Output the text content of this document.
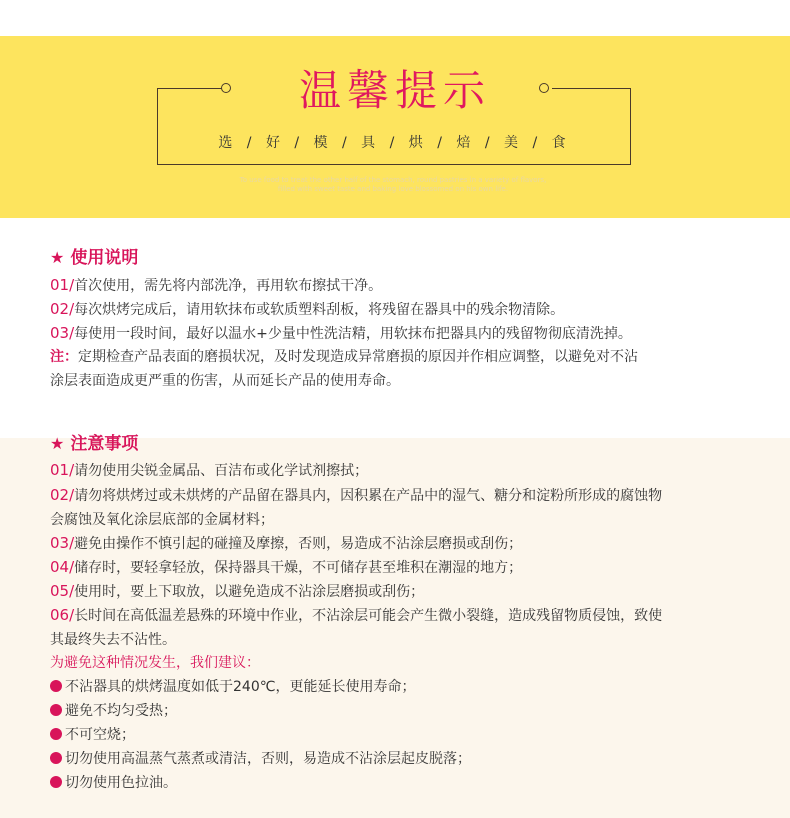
温馨提示
选 / 好 / 模 / 具 / 烘 / 焙 / 美 / 食
To use food to treat the other half of the stomach, round pastries in a variety of flavors,
filled with sweet taste and baking love blossomed on his own life.
★ 使用说明
01/首次使用，需先将内部洗净，再用软布擦拭干净。
02/每次烘烤完成后，请用软抹布或软质塑料刮板，将残留在器具中的残余物清除。
03/每使用一段时间，最好以温水+少量中性洗洁精，用软抹布把器具内的残留物彻底清洗掉。
注：定期检查产品表面的磨损状况，及时发现造成异常磨损的原因并作相应调整，以避免对不沾
涂层表面造成更严重的伤害，从而延长产品的使用寿命。
★ 注意事项
01/请勿使用尖锐金属品、百洁布或化学试剂擦拭；
02/请勿将烘烤过或未烘烤的产品留在器具内，因积累在产品中的湿气、糖分和淀粉所形成的腐蚀物
会腐蚀及氧化涂层底部的金属材料；
03/避免由操作不慎引起的碰撞及摩擦，否则，易造成不沾涂层磨损或刮伤；
04/储存时，要轻拿轻放，保持器具干燥，不可储存甚至堆积在潮湿的地方；
05/使用时，要上下取放，以避免造成不沾涂层磨损或刮伤；
06/长时间在高低温差悬殊的环境中作业，不沾涂层可能会产生微小裂缝，造成残留物质侵蚀，致使
其最终失去不沾性。
为避免这种情况发生，我们建议：
不沾器具的烘烤温度如低于240℃，更能延长使用寿命；
避免不均匀受热；
不可空烧；
切勿使用高温蒸气蒸煮或清洁，否则，易造成不沾涂层起皮脱落；
切勿使用色拉油。
